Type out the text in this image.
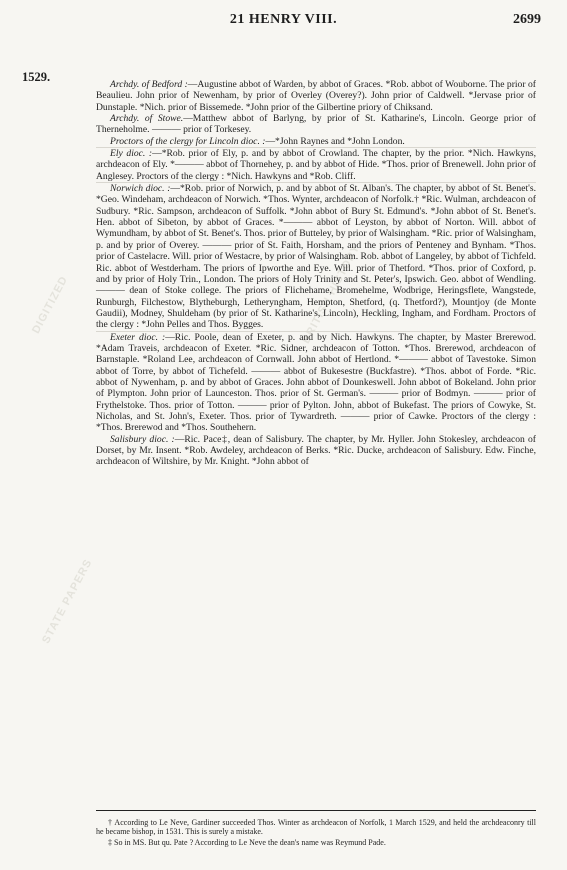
DIGITIZED	BRITISH HISTORY
STATE PAPERS
21 HENRY VIII.	2699
1529.

Archdy. of Bedford :—Augustine abbot of Warden, by abbot of Graces. *Rob. abbot of Wouborne. The prior of Beaulieu. John prior of Newenham, by prior of Overley (Overey?). John prior of Caldwell. *Jervase prior of Dunstaple. *Nich. prior of Bissemede. *John prior of the Gilbertine priory of Chiksand.

Archdy. of Stowe.—Matthew abbot of Barlyng, by prior of St. Katharine's, Lincoln. George prior of Therneholme. ——— prior of Torkesey.

Proctors of the clergy for Lincoln dioc. :—*John Raynes and *John London.

Ely dioc. :—*Rob. prior of Ely, p. and by abbot of Crowland. The chapter, by the prior. *Nich. Hawkyns, archdeacon of Ely. *——— abbot of Thornehey, p. and by abbot of Hide. *Thos. prior of Brenewell. John prior of Anglesey. Proctors of the clergy : *Nich. Hawkyns and *Rob. Cliff.

Norwich dioc. :—*Rob. prior of Norwich, p. and by abbot of St. Alban's. The chapter, by abbot of St. Benet's. *Geo. Windeham, archdeacon of Norwich. *Thos. Wynter, archdeacon of Norfolk.† *Ric. Wulman, archdeacon of Sudbury. *Ric. Sampson, archdeacon of Suffolk. *John abbot of Bury St. Edmund's. *John abbot of St. Benet's. Hen. abbot of Sibeton, by abbot of Graces. *——— abbot of Leyston, by abbot of Norton. Will. abbot of Wymundham, by abbot of St. Benet's. Thos. prior of Butteley, by prior of Walsingham. *Ric. prior of Walsingham, p. and by prior of Overey. ——— prior of St. Faith, Horsham, and the priors of Penteney and Bynham. *Thos. prior of Castelacre. Will. prior of Westacre, by prior of Walsingham. Rob. abbot of Langeley, by abbot of Tichfeld. Ric. abbot of Westderham. The priors of Ipworthe and Eye. Will. prior of Thetford. *Thos. prior of Coxford, p. and by prior of Holy Trin., London. The priors of Holy Trinity and St. Peter's, Ipswich. Geo. abbot of Wendling. ——— dean of Stoke college. The priors of Flichehame, Bromehelme, Wodbrige, Heringsflete, Wangstede, Runburgh, Filchestow, Blytheburgh, Letheryngham, Hempton, Shetford, (q. Thetford?), Mountjoy (de Monte Gaudii), Modney, Shuldeham (by prior of St. Katharine's, Lincoln), Heckling, Ingham, and Fordham. Proctors of the clergy : *John Pelles and Thos. Bygges.

Exeter dioc. :—Ric. Poole, dean of Exeter, p. and by Nich. Hawkyns. The chapter, by Master Brerewod. *Adam Traveis, archdeacon of Exeter. *Ric. Sidner, archdeacon of Totton. *Thos. Brerewod, archdeacon of Barnstaple. *Roland Lee, archdeacon of Cornwall. John abbot of Hertlond. *——— abbot of Tavestoke. Simon abbot of Torre, by abbot of Tichefeld. ——— abbot of Bukesestre (Buckfastre). *Thos. abbot of Forde. *Ric. abbot of Nywenham, p. and by abbot of Graces. John abbot of Dounkeswell. John abbot of Bokeland. John prior of Plympton. John prior of Launceston. Thos. prior of St. German's. ——— prior of Bodmyn. ——— prior of Frythelstoke. Thos. prior of Totton. ——— prior of Pylton. John, abbot of Bukefast. The priors of Cowyke, St. Nicholas, and St. John's, Exeter. Thos. prior of Tywardreth. ——— prior of Cawke. Proctors of the clergy : *Thos. Brerewod and *Thos. Southehern.

Salisbury dioc. :—Ric. Pace‡, dean of Salisbury. The chapter, by Mr. Hyller. John Stokesley, archdeacon of Dorset, by Mr. Insent. *Rob. Awdeley, archdeacon of Berks. *Ric. Ducke, archdeacon of Salisbury. Edw. Finche, archdeacon of Wiltshire, by Mr. Knight. *John abbot of

† According to Le Neve, Gardiner succeeded Thos. Winter as archdeacon of Norfolk, 1 March 1529, and held the archdeaconry till he became bishop, in 1531. This is surely a mistake.

‡ So in MS. But qu. Pate ? According to Le Neve the dean's name was Reymund Pade.
